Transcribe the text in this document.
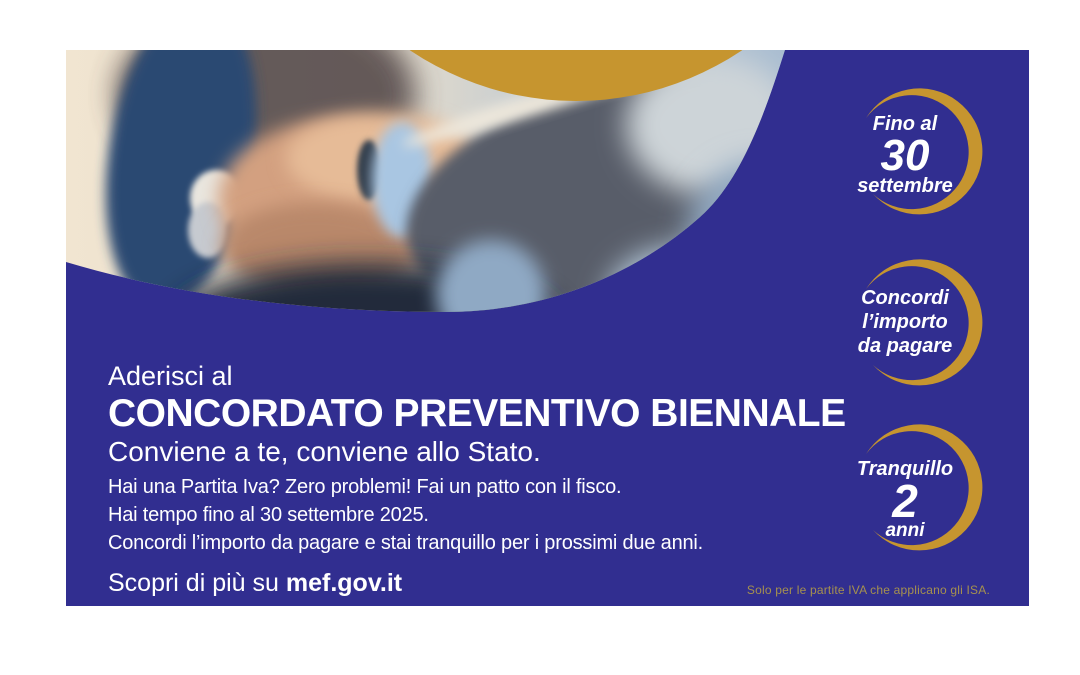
Fino al
30
settembre
Concordi
l’importo
da pagare
Tranquillo
2
anni

Aderisci al

CONCORDATO PREVENTIVO BIENNALE

Conviene a te, conviene allo Stato.

Hai una Partita Iva? Zero problemi! Fai un patto con il fisco.

Hai tempo fino al 30 settembre 2025.

Concordi l’importo da pagare e stai tranquillo per i prossimi due anni.

Scopri di più su mef.gov.it	Solo per le partite IVA che applicano gli ISA.
